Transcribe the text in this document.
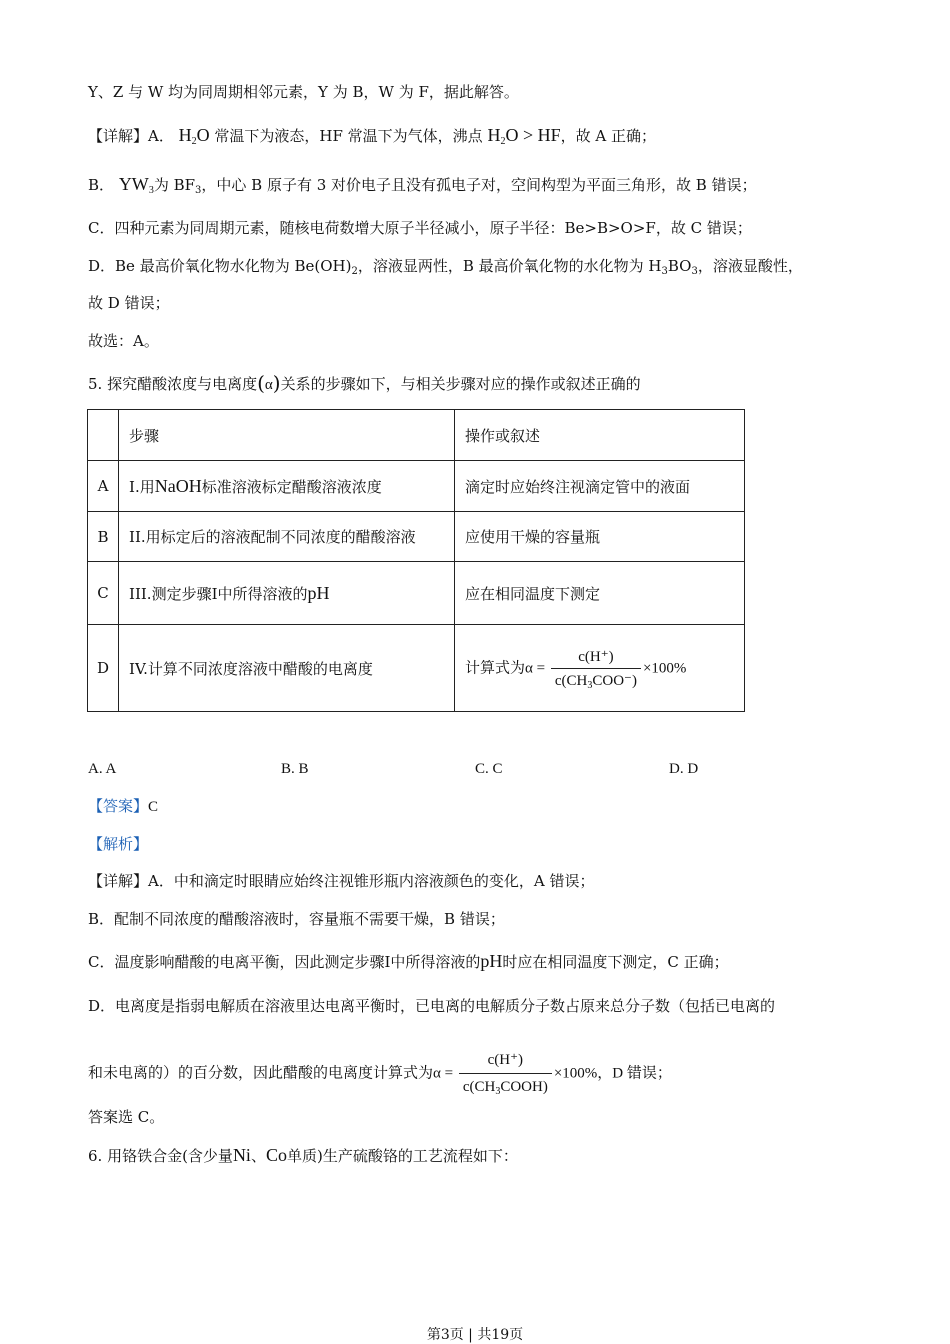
Y、Z 与 W 均为同周期相邻元素，Y 为 B，W 为 F，据此解答。
【详解】A． $H_2O$ 常温下为液态，HF 常温下为气体，沸点 $H_2O$ > HF，故 A 正确；
B． $YW_3$为 $BF_3$，中心 B 原子有 3 对价电子且没有孤电子对，空间构型为平面三角形，故 B 错误；
C．四种元素为同周期元素，随核电荷数增大原子半径减小，原子半径：Be>B>O>F，故 C 错误；
D．Be 最高价氧化物水化物为 $Be(OH)_2$，溶液显两性，B 最高价氧化物的水化物为 $H_3BO_3$，溶液显酸性，
故 D 错误；
故选：A。
5. 探究醋酸浓度与电离度(α)关系的步骤如下，与相关步骤对应的操作或叙述正确的
	步骤	操作或叙述
A	I.用NaOH标准溶液标定醋酸溶液浓度	滴定时应始终注视滴定管中的液面
B	II.用标定后的溶液配制不同浓度的醋酸溶液	应使用干燥的容量瓶
C	III.测定步骤I中所得溶液的pH	应在相同温度下测定
D	IV.计算不同浓度溶液中醋酸的电离度	计算式为$\alpha = \frac{c(H^+)}{c(CH_3COO^-)} \times 100\%$
A. A	B. B	C. C	D. D
【答案】C
【解析】
【详解】A．中和滴定时眼睛应始终注视锥形瓶内溶液颜色的变化，A 错误；
B．配制不同浓度的醋酸溶液时，容量瓶不需要干燥，B 错误；
C．温度影响醋酸的电离平衡，因此测定步骤I中所得溶液的pH时应在相同温度下测定，C 正确；
D．电离度是指弱电解质在溶液里达电离平衡时，已电离的电解质分子数占原来总分子数（包括已电离的
和未电离的）的百分数，因此醋酸的电离度计算式为$\alpha = \frac{c(H^+)}{c(CH_3COOH)} \times 100\%$，D 错误；
答案选 C。
6. 用铬铁合金(含少量Ni、Co单质)生产硫酸铬的工艺流程如下：
第3页 | 共19页
